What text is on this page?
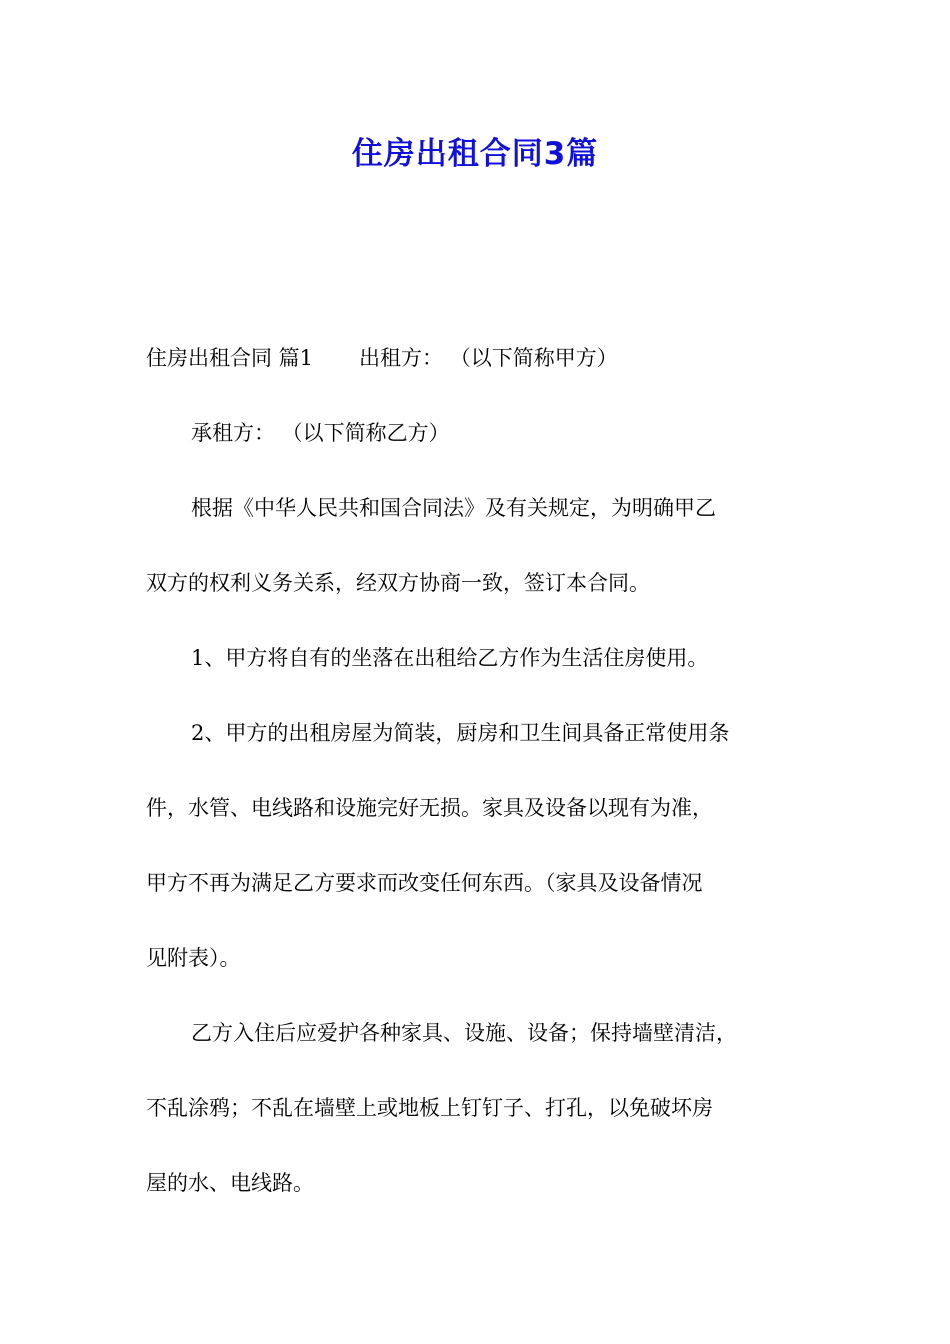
住房出租合同3篇

住房出租合同 篇1 出租方： （以下简称甲方）

承租方： （以下简称乙方）

根据《中华人民共和国合同法》及有关规定，为明确甲乙

双方的权利义务关系，经双方协商一致，签订本合同。

1、甲方将自有的坐落在出租给乙方作为生活住房使用。

2、甲方的出租房屋为简装，厨房和卫生间具备正常使用条

件，水管、电线路和设施完好无损。家具及设备以现有为准，

甲方不再为满足乙方要求而改变任何东西。（家具及设备情况

见附表）。

乙方入住后应爱护各种家具、设施、设备；保持墙壁清洁，

不乱涂鸦；不乱在墙壁上或地板上钉钉子、打孔，以免破坏房

屋的水、电线路。
